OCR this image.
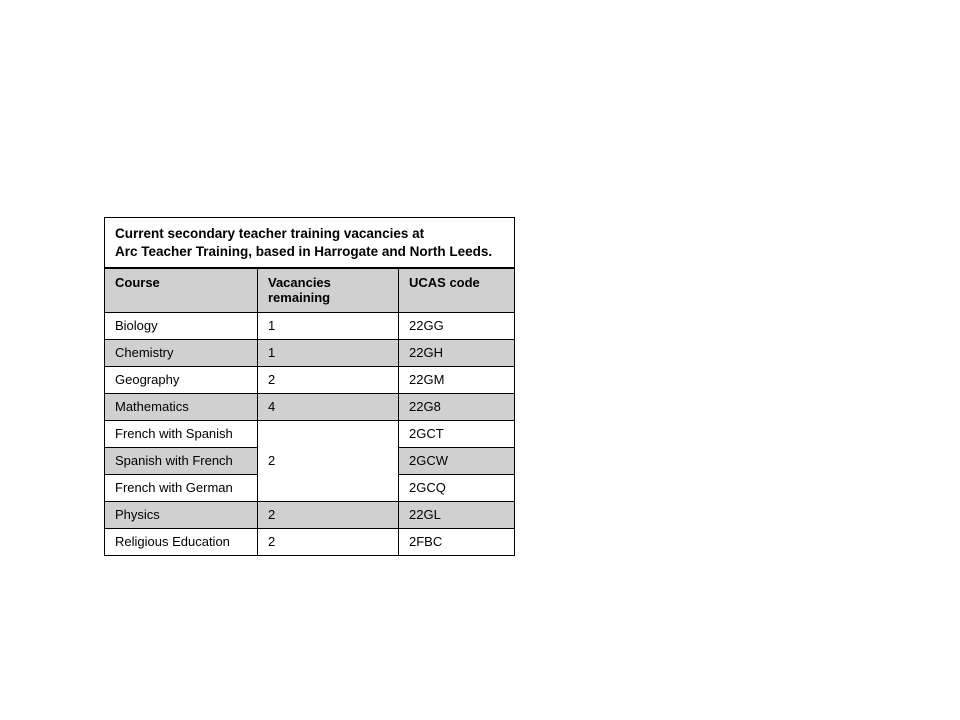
Current secondary teacher training vacancies at
Arc Teacher Training, based in Harrogate and North Leeds.		

Course	Vacancies remaining	UCAS code
Biology	1	22GG
Chemistry	1	22GH
Geography	2	22GM
Mathematics	4	22G8
French with Spanish	2	2GCT
Spanish with French		2GCW
French with German		2GCQ
Physics	2	22GL
Religious Education	2	2FBC
